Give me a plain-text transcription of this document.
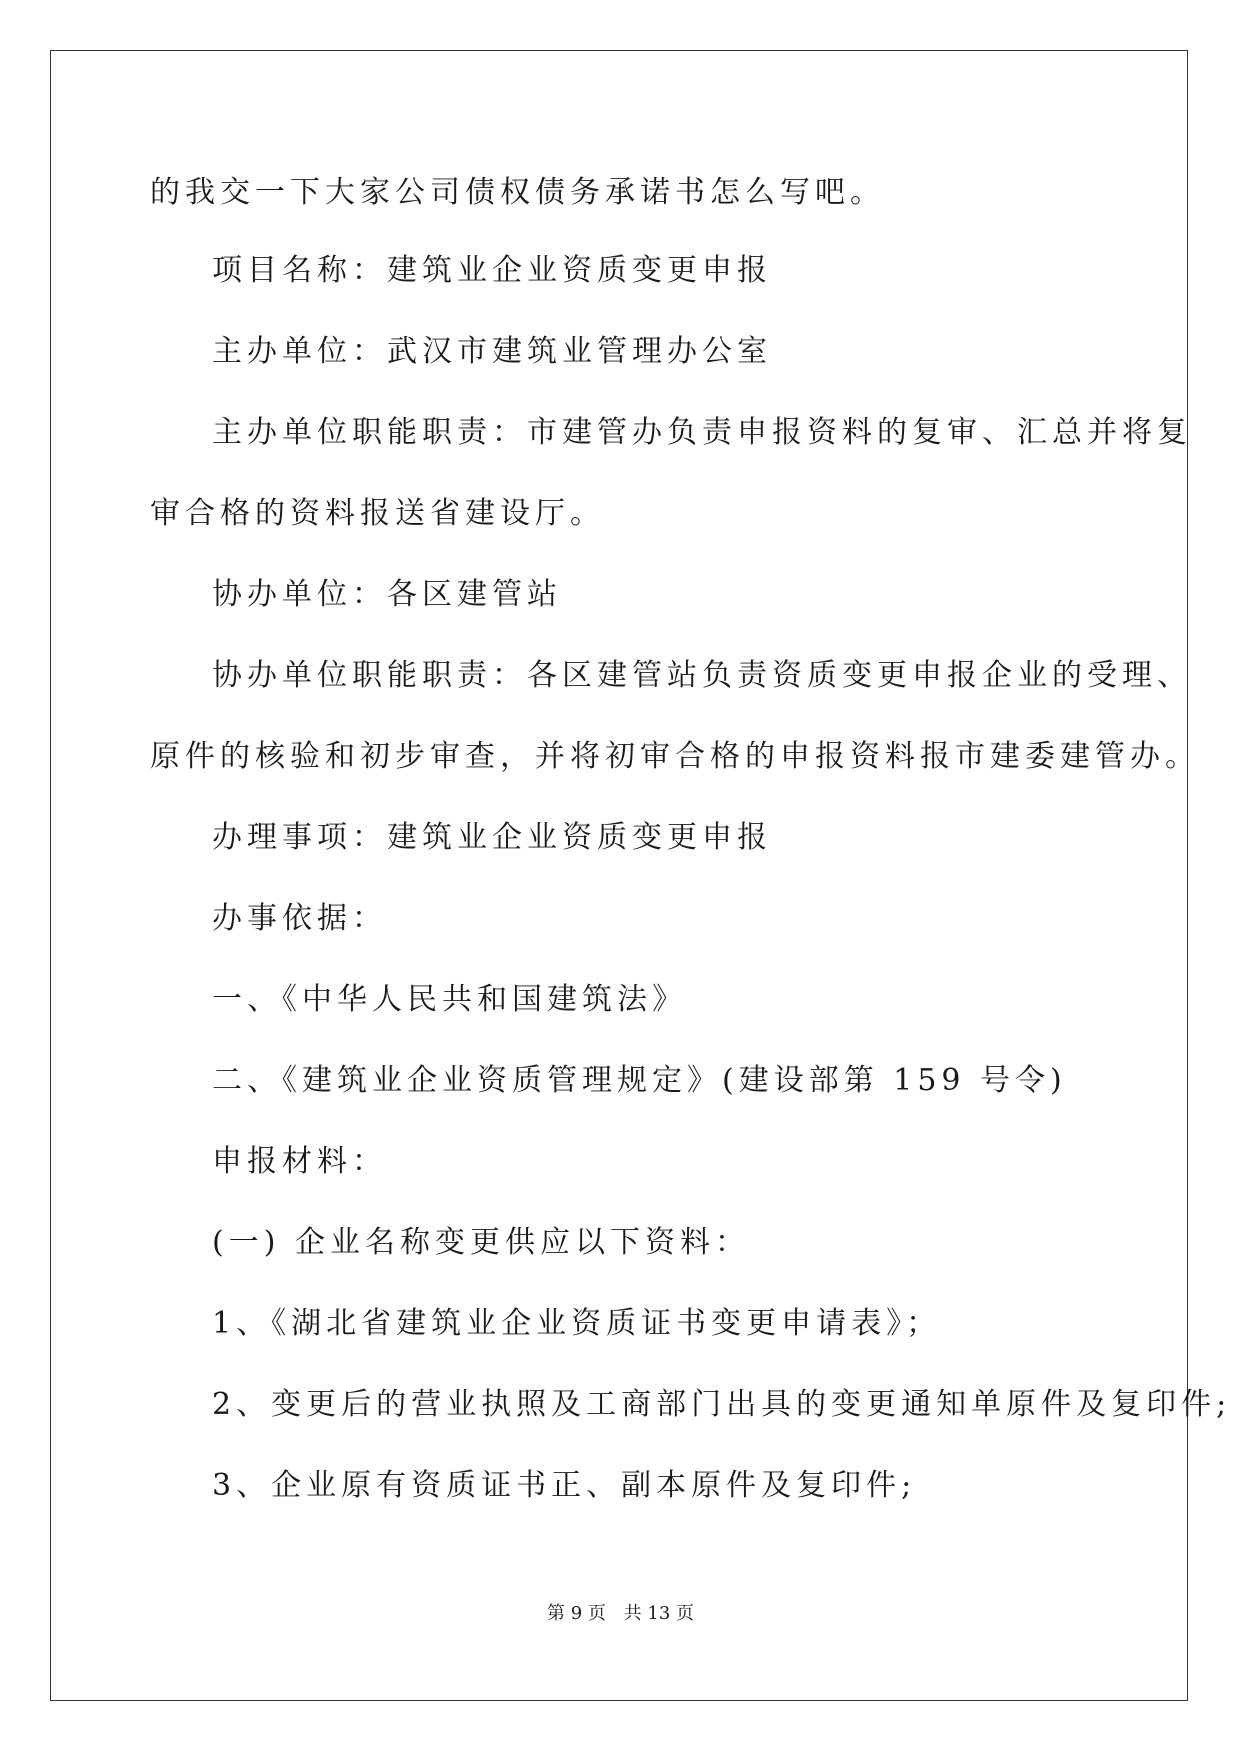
的我交一下大家公司债权债务承诺书怎么写吧。
项目名称：建筑业企业资质变更申报
主办单位：武汉市建筑业管理办公室
主办单位职能职责：市建管办负责申报资料的复审、汇总并将复
审合格的资料报送省建设厅。
协办单位：各区建管站
协办单位职能职责：各区建管站负责资质变更申报企业的受理、
原件的核验和初步审查，并将初审合格的申报资料报市建委建管办。
办理事项：建筑业企业资质变更申报
办事依据：
一、《中华人民共和国建筑法》
二、《建筑业企业资质管理规定》(建设部第 159 号令)
申报材料：
(一) 企业名称变更供应以下资料：
1、《湖北省建筑业企业资质证书变更申请表》；
2、变更后的营业执照及工商部门出具的变更通知单原件及复印件;
3、企业原有资质证书正、副本原件及复印件;
第 9 页 共 13 页
